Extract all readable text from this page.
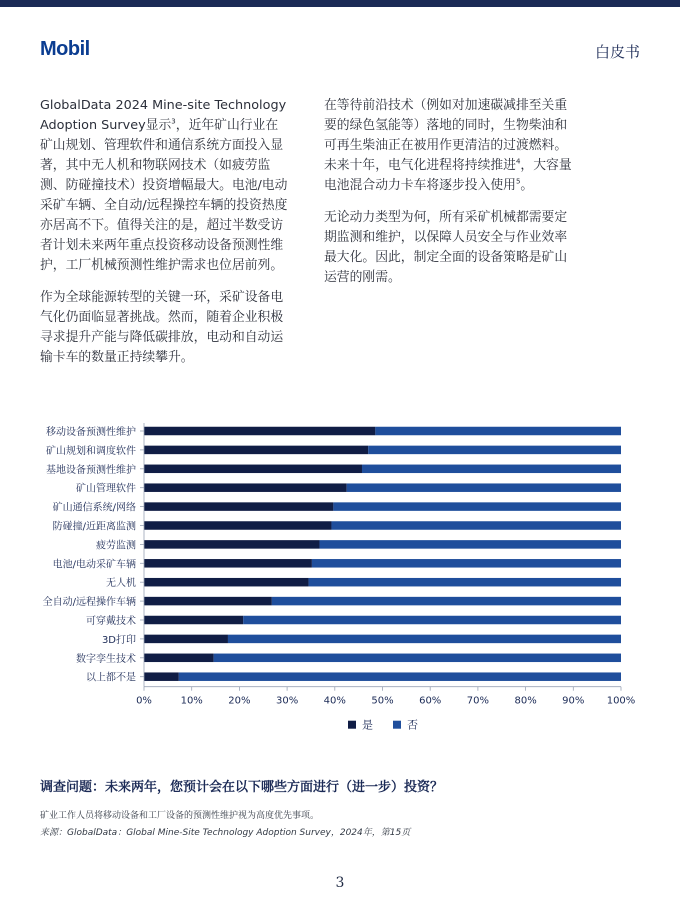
Mobil	白皮书

GlobalData 2024 Mine-site Technology Adoption Survey显示$^3$，近年矿山行业在矿山规划、管理软件和通信系统方面投入显著，其中无人机和物联网技术（如疲劳监测、防碰撞技术）投资增幅最大。电池/电动采矿车辆、全自动/远程操控车辆的投资热度亦居高不下。值得关注的是，超过半数受访者计划未来两年重点投资移动设备预测性维护，工厂机械预测性维护需求也位居前列。

作为全球能源转型的关键一环，采矿设备电气化仍面临显著挑战。然而，随着企业积极寻求提升产能与降低碳排放，电动和自动运输卡车的数量正持续攀升。

在等待前沿技术（例如对加速碳减排至关重要的绿色氢能等）落地的同时，生物柴油和可再生柴油正在被用作更清洁的过渡燃料。未来十年，电气化进程将持续推进$^4$，大容量电池混合动力卡车将逐步投入使用$^5$。

无论动力类型为何，所有采矿机械都需要定期监测和维护，以保障人员安全与作业效率最大化。因此，制定全面的设备策略是矿山运营的刚需。

移动设备预测性维护
矿山规划和调度软件
基地设备预测性维护
矿山管理软件
矿山通信系统/网络
防碰撞/近距离监测
疲劳监测
电池/电动采矿车辆
无人机
全自动/远程操作车辆
可穿戴技术
3D打印
数字孪生技术
以上都不是
0%	10%	20%	30%	40%	50%	60%	70%	80%	90% 100%
是	否
调查问题：未来两年，您预计会在以下哪些方面进行（进一步）投资？
矿业工作人员将移动设备和工厂设备的预测性维护视为高度优先事项。
来源：GlobalData：Global Mine-Site Technology Adoption Survey，2024年，第15页
3
